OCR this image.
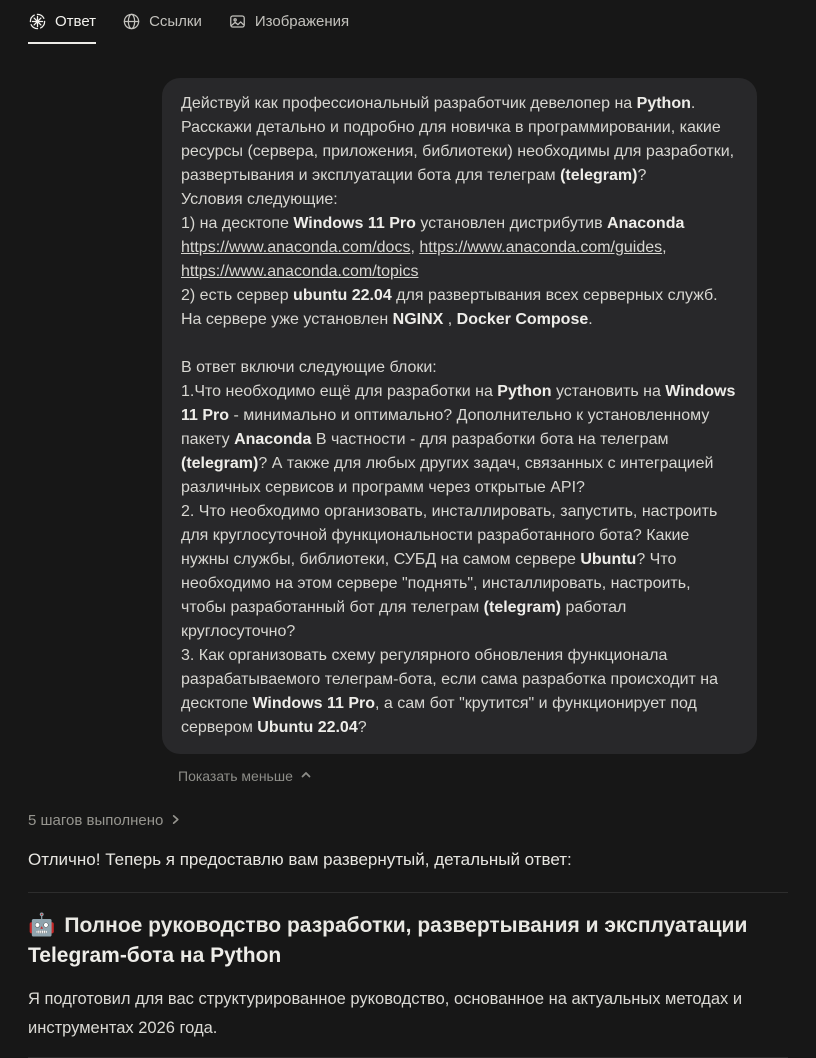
Ответ	Ссылки	Изображения
Действуй как профессиональный разработчик девелопер на Python. Расскажи детально и подробно для новичка в программировании, какие ресурсы (сервера, приложения, библиотеки) необходимы для разработки, развертывания и эксплуатации бота для телеграм (telegram)?
Условия следующие:
1) на десктопе Windows 11 Pro установлен дистрибутив Anaconda https://www.anaconda.com/docs, https://www.anaconda.com/guides, https://www.anaconda.com/topics
2) есть сервер ubuntu 22.04 для развертывания всех серверных служб. На сервере уже установлен NGINX , Docker Compose.
В ответ включи следующие блоки:
1.Что необходимо ещё для разработки на Python установить на Windows 11 Pro - минимально и оптимально? Дополнительно к установленному пакету Anaconda В частности - для разработки бота на телеграм (telegram)? А также для любых других задач, связанных с интеграцией различных сервисов и программ через открытые API?
2. Что необходимо организовать, инсталлировать, запустить, настроить для круглосуточной функциональности разработанного бота? Какие нужны службы, библиотеки, СУБД на самом сервере Ubuntu? Что необходимо на этом сервере "поднять", инсталлировать, настроить, чтобы разработанный бот для телеграм (telegram) работал круглосуточно?
3. Как организовать схему регулярного обновления функционала разрабатываемого телеграм-бота, если сама разработка происходит на десктопе Windows 11 Pro, а сам бот "крутится" и функционирует под сервером Ubuntu 22.04?
Показать меньше
5 шагов выполнено
Отлично! Теперь я предоставлю вам развернутый, детальный ответ:
🤖 Полное руководство разработки, развертывания и эксплуатации Telegram-бота на Python

Я подготовил для вас структурированное руководство, основанное на актуальных методах и инструментах 2026 года.
